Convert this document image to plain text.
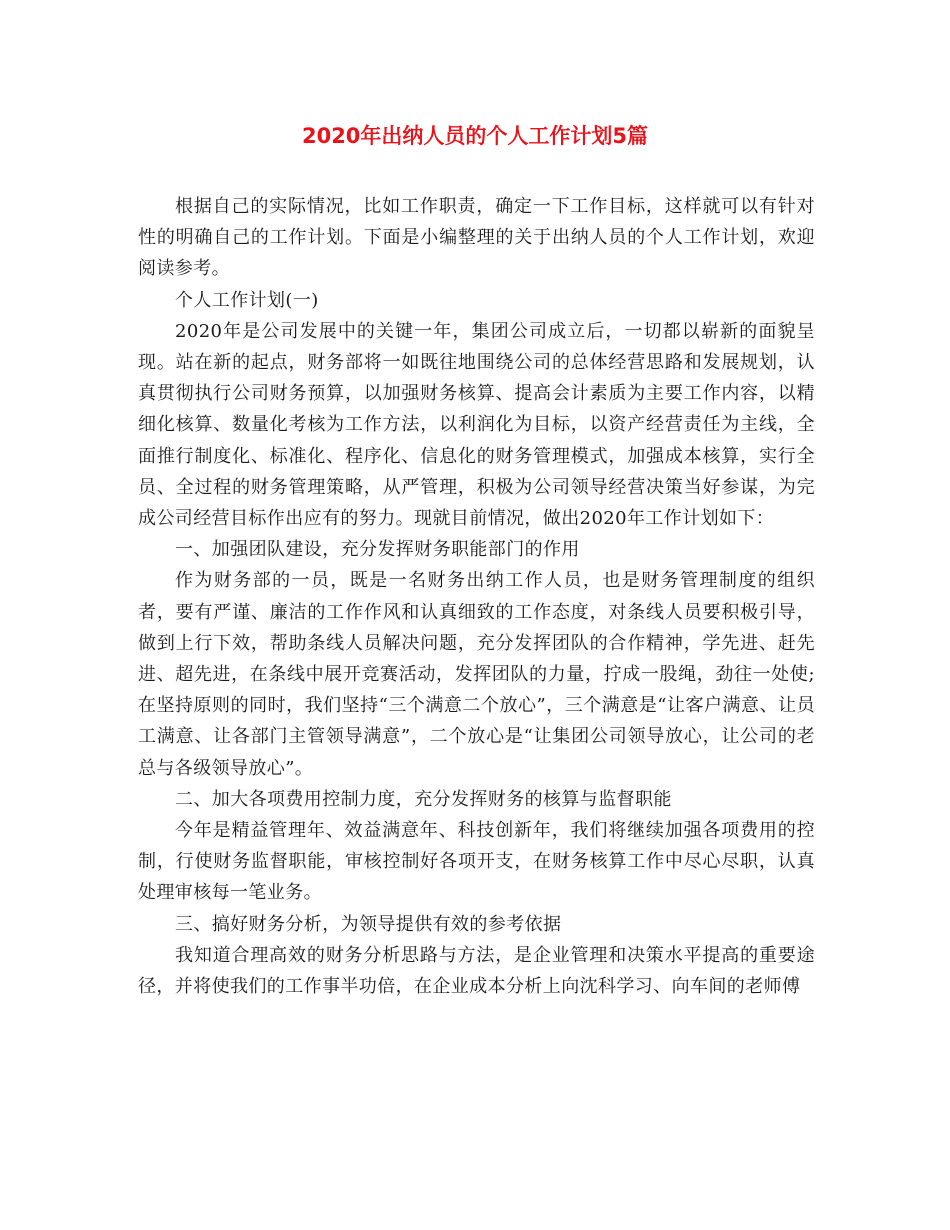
2020年出纳人员的个人工作计划5篇

根据自己的实际情况，比如工作职责，确定一下工作目标，这样就可以有针对性的明确自己的工作计划。下面是小编整理的关于出纳人员的个人工作计划，欢迎阅读参考。

个人工作计划(一)

2020年是公司发展中的关键一年，集团公司成立后，一切都以崭新的面貌呈现。站在新的起点，财务部将一如既往地围绕公司的总体经营思路和发展规划，认真贯彻执行公司财务预算，以加强财务核算、提高会计素质为主要工作内容，以精细化核算、数量化考核为工作方法，以利润化为目标，以资产经营责任为主线，全面推行制度化、标准化、程序化、信息化的财务管理模式，加强成本核算，实行全员、全过程的财务管理策略，从严管理，积极为公司领导经营决策当好参谋，为完成公司经营目标作出应有的努力。现就目前情况，做出2020年工作计划如下：

一、加强团队建设，充分发挥财务职能部门的作用

作为财务部的一员，既是一名财务出纳工作人员，也是财务管理制度的组织者，要有严谨、廉洁的工作作风和认真细致的工作态度，对条线人员要积极引导，做到上行下效，帮助条线人员解决问题，充分发挥团队的合作精神，学先进、赶先进、超先进，在条线中展开竞赛活动，发挥团队的力量，拧成一股绳，劲往一处使;在坚持原则的同时，我们坚持“三个满意二个放心”，三个满意是“让客户满意、让员工满意、让各部门主管领导满意”，二个放心是“让集团公司领导放心，让公司的老总与各级领导放心”。

二、加大各项费用控制力度，充分发挥财务的核算与监督职能

今年是精益管理年、效益满意年、科技创新年，我们将继续加强各项费用的控制，行使财务监督职能，审核控制好各项开支，在财务核算工作中尽心尽职，认真处理审核每一笔业务。

三、搞好财务分析，为领导提供有效的参考依据

我知道合理高效的财务分析思路与方法，是企业管理和决策水平提高的重要途径，并将使我们的工作事半功倍，在企业成本分析上向沈科学习、向车间的老师傅
